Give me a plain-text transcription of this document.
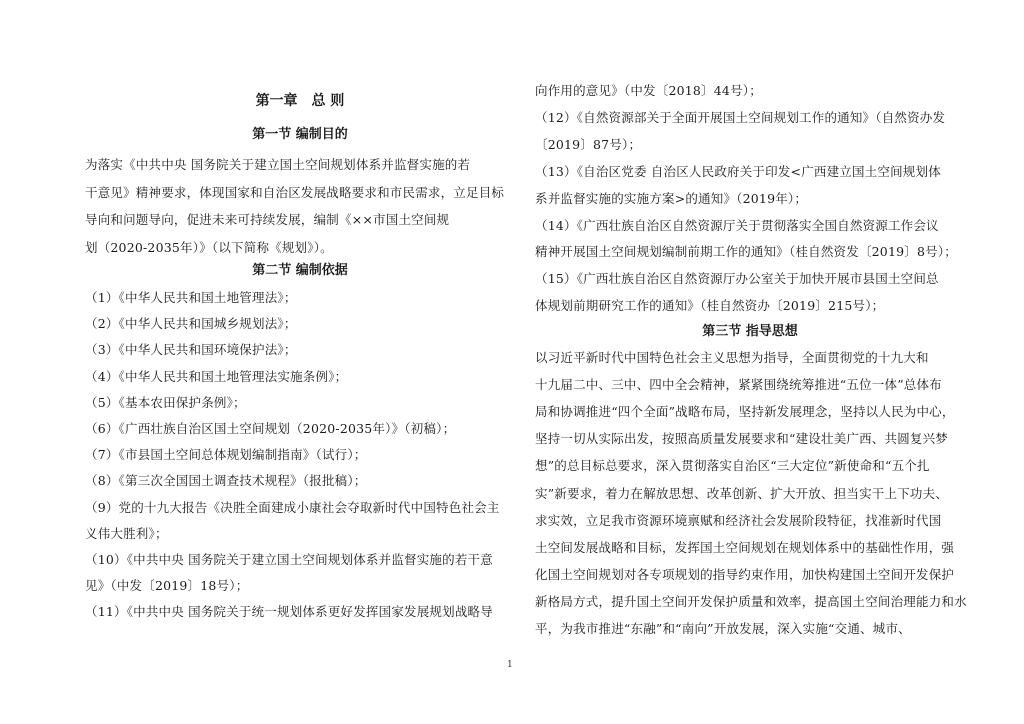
第一章　总 则
第一节 编制目的
为落实《中共中央 国务院关于建立国土空间规划体系并监督实施的若
干意见》精神要求，体现国家和自治区发展战略要求和市民需求，立足目标
导向和问题导向，促进未来可持续发展，编制《××市国土空间规
划（2020-2035年）》（以下简称《规划》）。
第二节 编制依据
（1）《中华人民共和国土地管理法》；
（2）《中华人民共和国城乡规划法》；
（3）《中华人民共和国环境保护法》；
（4）《中华人民共和国土地管理法实施条例》；
（5）《基本农田保护条例》；
（6）《广西壮族自治区国土空间规划（2020-2035年）》（初稿）；
（7）《市县国土空间总体规划编制指南》（试行）；
（8）《第三次全国国土调查技术规程》（报批稿）；
（9）党的十九大报告《决胜全面建成小康社会夺取新时代中国特色社会主
义伟大胜利》；
（10）《中共中央 国务院关于建立国土空间规划体系并监督实施的若干意
见》（中发〔2019〕18号）；
（11）《中共中央 国务院关于统一规划体系更好发挥国家发展规划战略导
向作用的意见》（中发〔2018〕44号）；
（12）《自然资源部关于全面开展国土空间规划工作的通知》（自然资办发
〔2019〕87号）；
（13）《自治区党委 自治区人民政府关于印发<广西建立国土空间规划体
系并监督实施的实施方案>的通知》（2019年）；
（14）《广西壮族自治区自然资源厅关于贯彻落实全国自然资源工作会议
精神开展国土空间规划编制前期工作的通知》（桂自然资发〔2019〕8号）；
（15）《广西壮族自治区自然资源厅办公室关于加快开展市县国土空间总
体规划前期研究工作的通知》（桂自然资办〔2019〕215号）；
第三节 指导思想
以习近平新时代中国特色社会主义思想为指导，全面贯彻党的十九大和
十九届二中、三中、四中全会精神，紧紧围绕统筹推进“五位一体”总体布
局和协调推进“四个全面”战略布局，坚持新发展理念，坚持以人民为中心，
坚持一切从实际出发，按照高质量发展要求和“建设壮美广西、共圆复兴梦
想”的总目标总要求，深入贯彻落实自治区“三大定位”新使命和“五个扎
实”新要求，着力在解放思想、改革创新、扩大开放、担当实干上下功夫、
求实效，立足我市资源环境禀赋和经济社会发展阶段特征，找准新时代国
土空间发展战略和目标，发挥国土空间规划在规划体系中的基础性作用，强
化国土空间规划对各专项规划的指导约束作用，加快构建国土空间开发保护
新格局方式，提升国土空间开发保护质量和效率，提高国土空间治理能力和水
平，为我市推进“东融”和“南向”开放发展，深入实施“交通、城市、
1
